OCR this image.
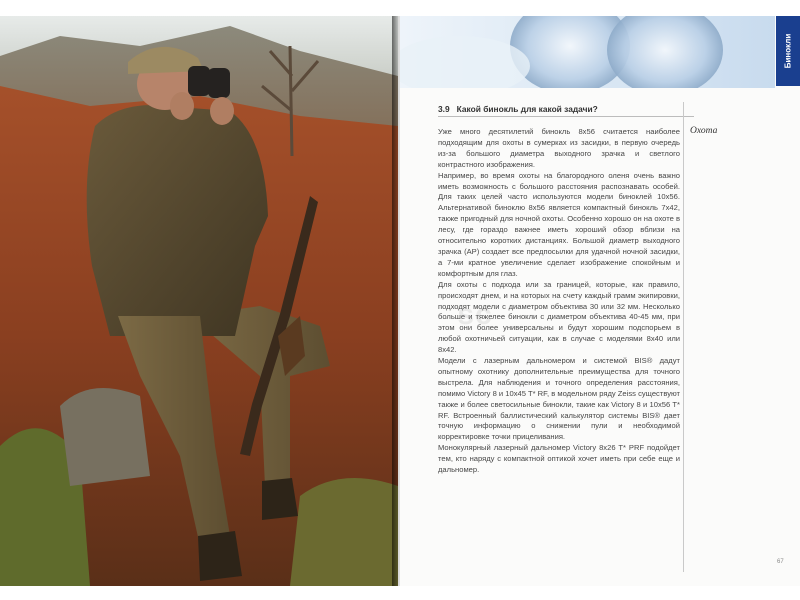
Бинокли
3.9 Какой бинокль для какой задачи?
Охота

Уже много десятилетий бинокль 8x56 считается наиболее подходящим для охоты в сумерках из засидки, в первую очередь из-за большого диаметра выходного зрачка и светлого контрастного изображения.

Например, во время охоты на благородного оленя очень важно иметь возможность с большого расстояния распознавать особей. Для таких целей часто используются модели биноклей 10x56. Альтернативой биноклю 8x56 является компактный бинокль 7x42, также пригодный для ночной охоты. Особенно хорошо он на охоте в лесу, где гораздо важнее иметь хороший обзор вблизи на относительно коротких дистанциях. Большой диаметр выходного зрачка (АР) создает все предпосылки для удачной ночной засидки, а 7-ми кратное увеличение сделает изображение спокойным и комфортным для глаз.

Для охоты с подхода или за границей, которые, как правило, происходят днем, и на которых на счету каждый грамм экипировки, подходят модели с диаметром объектива 30 или 32 мм. Несколько больше и тяжелее бинокли с диаметром объектива 40-45 мм, при этом они более универсальны и будут хорошим подспорьем в любой охотничьей ситуации, как в случае с моделями 8x40 или 8x42.

Модели с лазерным дальномером и системой BIS® дадут опытному охотнику дополнительные преимущества для точного выстрела. Для наблюдения и точного определения расстояния, помимо Victory 8 и 10x45 T* RF, в модельном ряду Zeiss существуют также и более светосильные бинокли, такие как Victory 8 и 10x56 T* RF. Встроенный баллистический калькулятор системы BIS® дает точную информацию о снижении пули и необходимой корректировке точки прицеливания.

Монокулярный лазерный дальномер Victory 8x26 T* PRF подойдет тем, кто наряду с компактной оптикой хочет иметь при себе еще и дальномер.

67
sc
